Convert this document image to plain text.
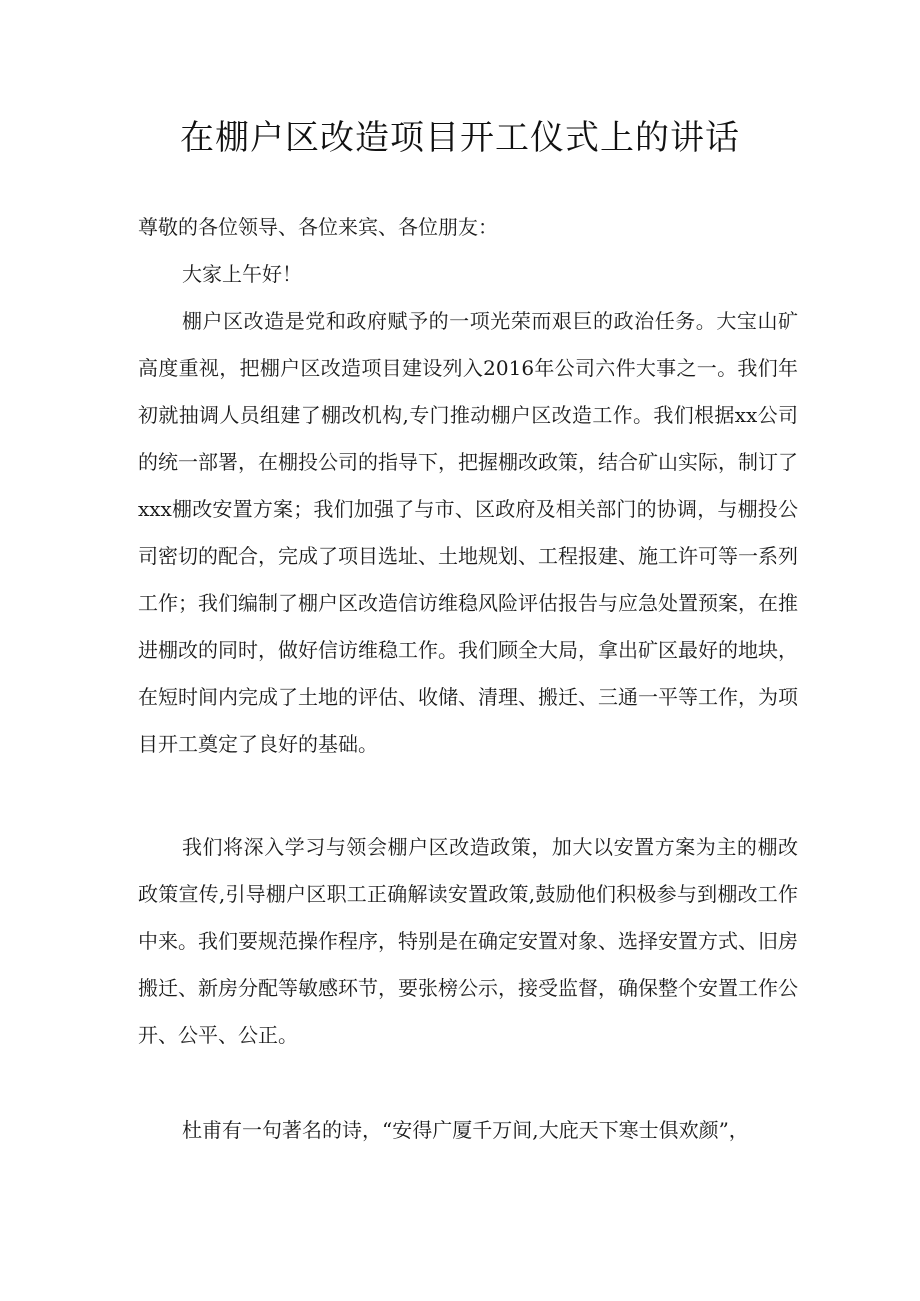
在棚户区改造项目开工仪式上的讲话

尊敬的各位领导、各位来宾、各位朋友：

大家上午好！

棚户区改造是党和政府赋予的一项光荣而艰巨的政治任务。大宝山矿高度重视，把棚户区改造项目建设列入2016年公司六件大事之一。我们年初就抽调人员组建了棚改机构,专门推动棚户区改造工作。我们根据xx公司的统一部署，在棚投公司的指导下，把握棚改政策，结合矿山实际，制订了xxx棚改安置方案；我们加强了与市、区政府及相关部门的协调，与棚投公司密切的配合，完成了项目选址、土地规划、工程报建、施工许可等一系列工作；我们编制了棚户区改造信访维稳风险评估报告与应急处置预案，在推进棚改的同时，做好信访维稳工作。我们顾全大局，拿出矿区最好的地块，在短时间内完成了土地的评估、收储、清理、搬迁、三通一平等工作，为项目开工奠定了良好的基础。

我们将深入学习与领会棚户区改造政策，加大以安置方案为主的棚改政策宣传,引导棚户区职工正确解读安置政策,鼓励他们积极参与到棚改工作中来。我们要规范操作程序，特别是在确定安置对象、选择安置方式、旧房搬迁、新房分配等敏感环节，要张榜公示，接受监督，确保整个安置工作公开、公平、公正。

杜甫有一句著名的诗，“安得广厦千万间,大庇天下寒士俱欢颜”，
